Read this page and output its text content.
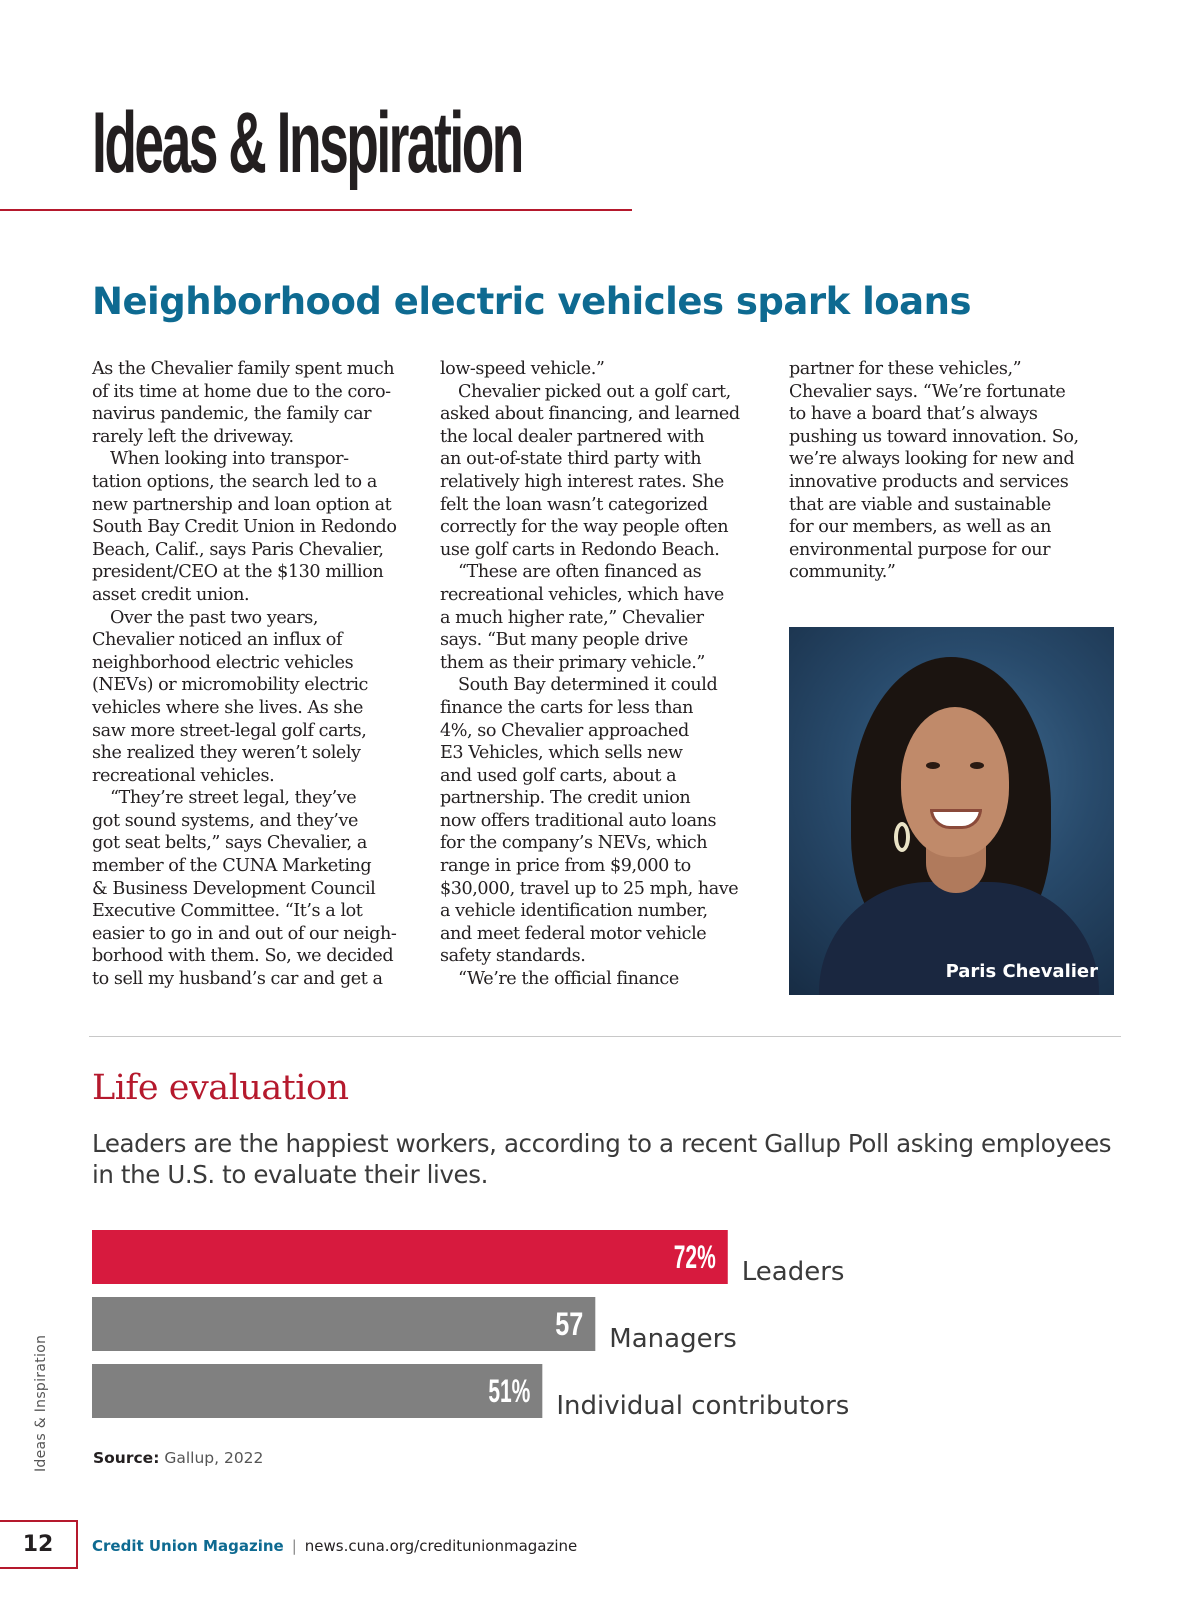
Ideas & Inspiration
Neighborhood electric vehicles spark loans

As the Chevalier family spent much
of its time at home due to the coro-
navirus pandemic, the family car
rarely left the driveway.

When looking into transpor-
tation options, the search led to a
new partnership and loan option at
South Bay Credit Union in Redondo
Beach, Calif., says Paris Chevalier,
president/CEO at the $130 million
asset credit union.

Over the past two years,
Chevalier noticed an influx of
neighborhood electric vehicles
(NEVs) or micromobility electric
vehicles where she lives. As she
saw more street-legal golf carts,
she realized they weren’t solely
recreational vehicles.

“They’re street legal, they’ve
got sound systems, and they’ve
got seat belts,” says Chevalier, a
member of the CUNA Marketing
& Business Development Council
Executive Committee. “It’s a lot
easier to go in and out of our neigh-
borhood with them. So, we decided
to sell my husband’s car and get a

low-speed vehicle.”

Chevalier picked out a golf cart,
asked about financing, and learned
the local dealer partnered with
an out-of-state third party with
relatively high interest rates. She
felt the loan wasn’t categorized
correctly for the way people often
use golf carts in Redondo Beach.

“These are often financed as
recreational vehicles, which have
a much higher rate,” Chevalier
says. “But many people drive
them as their primary vehicle.”

South Bay determined it could
finance the carts for less than
4%, so Chevalier approached
E3 Vehicles, which sells new
and used golf carts, about a
partnership. The credit union
now offers traditional auto loans
for the company’s NEVs, which
range in price from $9,000 to
$30,000, travel up to 25 mph, have
a vehicle identification number,
and meet federal motor vehicle
safety standards.

“We’re the official finance

partner for these vehicles,”
Chevalier says. “We’re fortunate
to have a board that’s always
pushing us toward innovation. So,
we’re always looking for new and
innovative products and services
that are viable and sustainable
for our members, as well as an
environmental purpose for our
community.”

Paris Chevalier
Life evaluation
Leaders are the happiest workers, according to a recent Gallup Poll asking employees in the U.S. to evaluate their lives.
72% Leaders
57 Managers
51% Individual contributors
Source: Gallup, 2022
Ideas & Inspiration
12	Credit Union Magazine | news.cuna.org/creditunionmagazine
